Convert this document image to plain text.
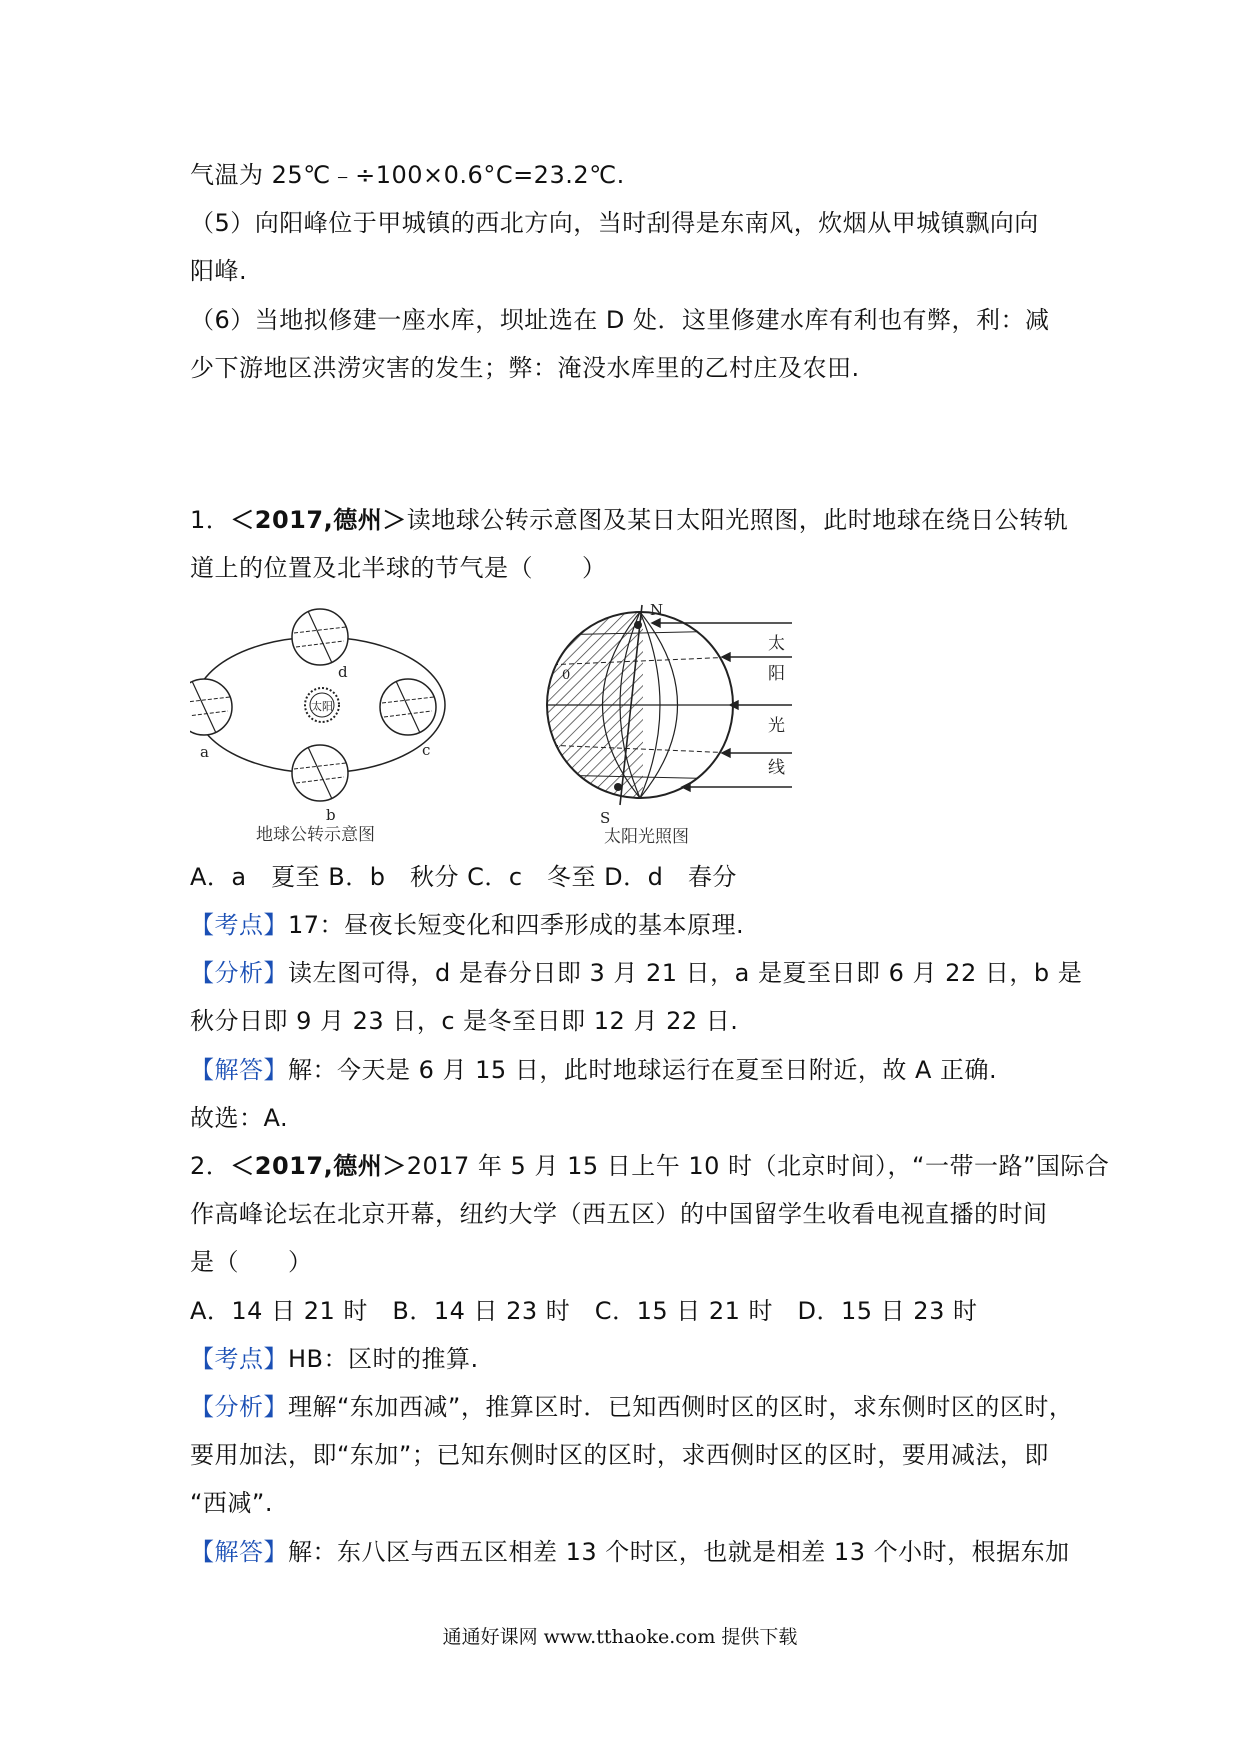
气温为 25℃﹣÷100×0.6°C=23.2℃.
（5）向阳峰位于甲城镇的西北方向，当时刮得是东南风，炊烟从甲城镇飘向向
阳峰.
（6）当地拟修建一座水库，坝址选在 D 处．这里修建水库有利也有弊，利：减
少下游地区洪涝灾害的发生；弊：淹没水库里的乙村庄及农田.
1．＜2017,德州＞读地球公转示意图及某日太阳光照图，此时地球在绕日公转轨
道上的位置及北半球的节气是（　　）
太阳
d
b
a	c
N
S
0
太
阳
光
线
地球公转示意图	太阳光照图
A．a　夏至 B．b　秋分 C．c　冬至 D．d　春分
【考点】17：昼夜长短变化和四季形成的基本原理.
【分析】读左图可得，d 是春分日即 3 月 21 日，a 是夏至日即 6 月 22 日，b 是
秋分日即 9 月 23 日，c 是冬至日即 12 月 22 日.
【解答】解：今天是 6 月 15 日，此时地球运行在夏至日附近，故 A 正确.
故选：A.
2．＜2017,德州＞2017 年 5 月 15 日上午 10 时（北京时间），“一带一路”国际合
作高峰论坛在北京开幕，纽约大学（西五区）的中国留学生收看电视直播的时间
是（　　）
A．14 日 21 时　B．14 日 23 时　C．15 日 21 时　D．15 日 23 时
【考点】HB：区时的推算.
【分析】理解“东加西减”，推算区时．已知西侧时区的区时，求东侧时区的区时，
要用加法，即“东加”；已知东侧时区的区时，求西侧时区的区时，要用减法，即
“西减”.
【解答】解：东八区与西五区相差 13 个时区，也就是相差 13 个小时，根据东加
通通好课网 www.tthaoke.com 提供下载
